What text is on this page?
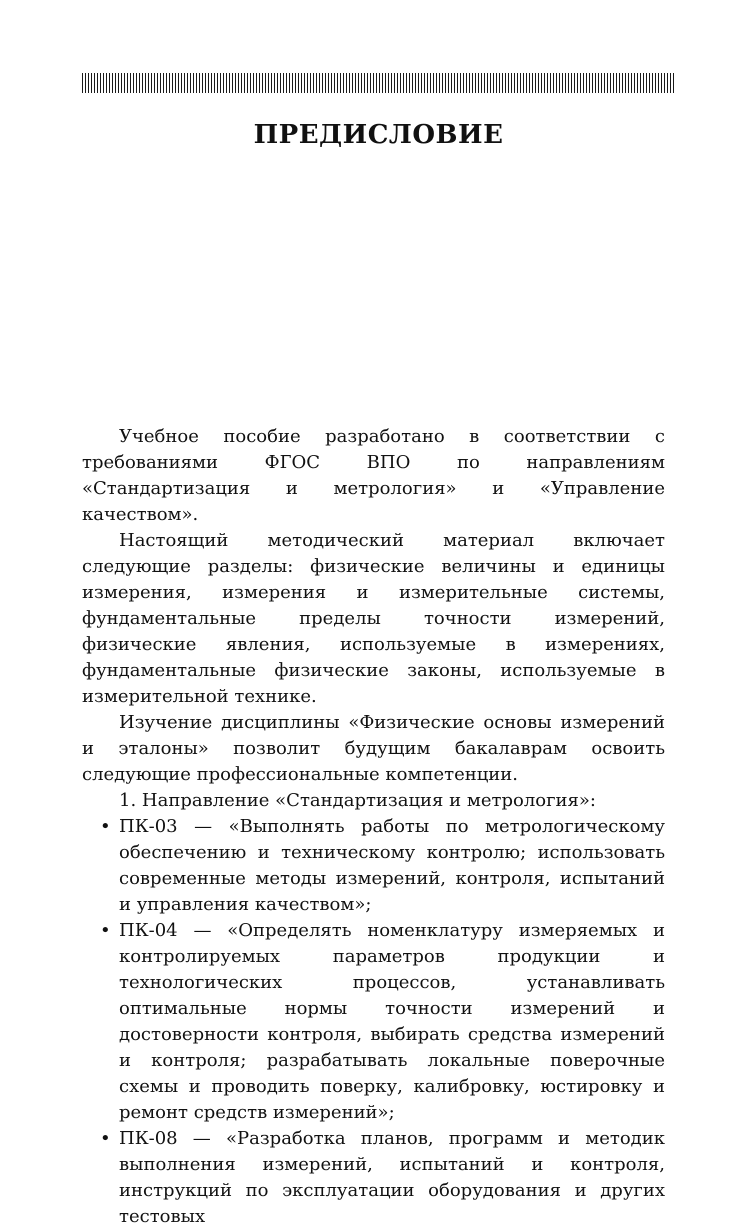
ПРЕДИСЛОВИЕ

Учебное пособие разработано в соответствии с требованиями ФГОС ВПО по направлениям «Стандартизация и метрология» и «Управление качеством».

Настоящий методический материал включает следующие разделы: физические величины и единицы измерения, измерения и измерительные системы, фундаментальные пределы точности измерений, физические явления, используемые в измерениях, фундаментальные физические законы, используемые в измерительной технике.

Изучение дисциплины «Физические основы измерений и эталоны» позволит будущим бакалаврам освоить следующие профессиональные компетенции.

1. Направление «Стандартизация и метрология»:

• ПК-03 — «Выполнять работы по метрологическому обеспечению и техническому контролю; использовать современные методы измерений, контроля, испытаний и управления качеством»;
• ПК-04 — «Определять номенклатуру измеряемых и контролируемых параметров продукции и технологических процессов, устанавливать оптимальные нормы точности измерений и достоверности контроля, выбирать средства измерений и контроля; разрабатывать локальные поверочные схемы и проводить поверку, калибровку, юстировку и ремонт средств измерений»;
• ПК-08 — «Разработка планов, программ и методик выполнения измерений, испытаний и контроля, инструкций по эксплуатации оборудования и других тестовых
